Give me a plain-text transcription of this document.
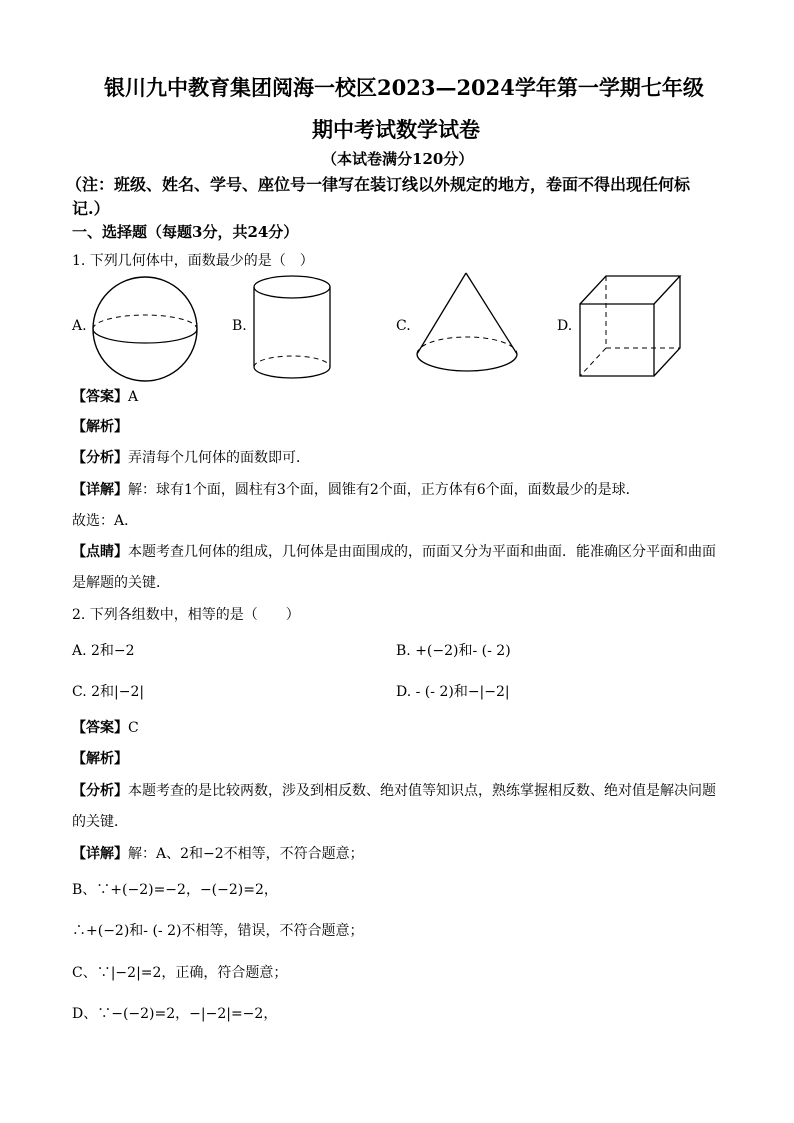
银川九中教育集团阅海一校区2023—2024学年第一学期七年级
期中考试数学试卷
（本试卷满分120分）
（注：班级、姓名、学号、座位号一律写在装订线以外规定的地方，卷面不得出现任何标
记.）
一、选择题（每题3分，共24分）
1. 下列几何体中，面数最少的是（　）
A.	B.	C.	D.
【答案】A
【解析】
【分析】弄清每个几何体的面数即可．
【详解】解：球有1个面，圆柱有3个面，圆锥有2个面，正方体有6个面，面数最少的是球．
故选：A．
【点睛】本题考查几何体的组成，几何体是由面围成的，而面又分为平面和曲面．能准确区分平面和曲面
是解题的关键．
2. 下列各组数中，相等的是（　　）
A. 2和−2	B. +(−2)和- (- 2)
C. 2和|−2|	D. - (- 2)和−|−2|
【答案】C
【解析】
【分析】本题考查的是比较两数，涉及到相反数、绝对值等知识点，熟练掌握相反数、绝对值是解决问题
的关键．
【详解】解：A、2和−2不相等，不符合题意；
B、∵+(−2)=−2，−(−2)=2，
∴+(−2)和- (- 2)不相等，错误，不符合题意；
C、∵|−2|=2，正确，符合题意；
D、∵−(−2)=2，−|−2|=−2，
